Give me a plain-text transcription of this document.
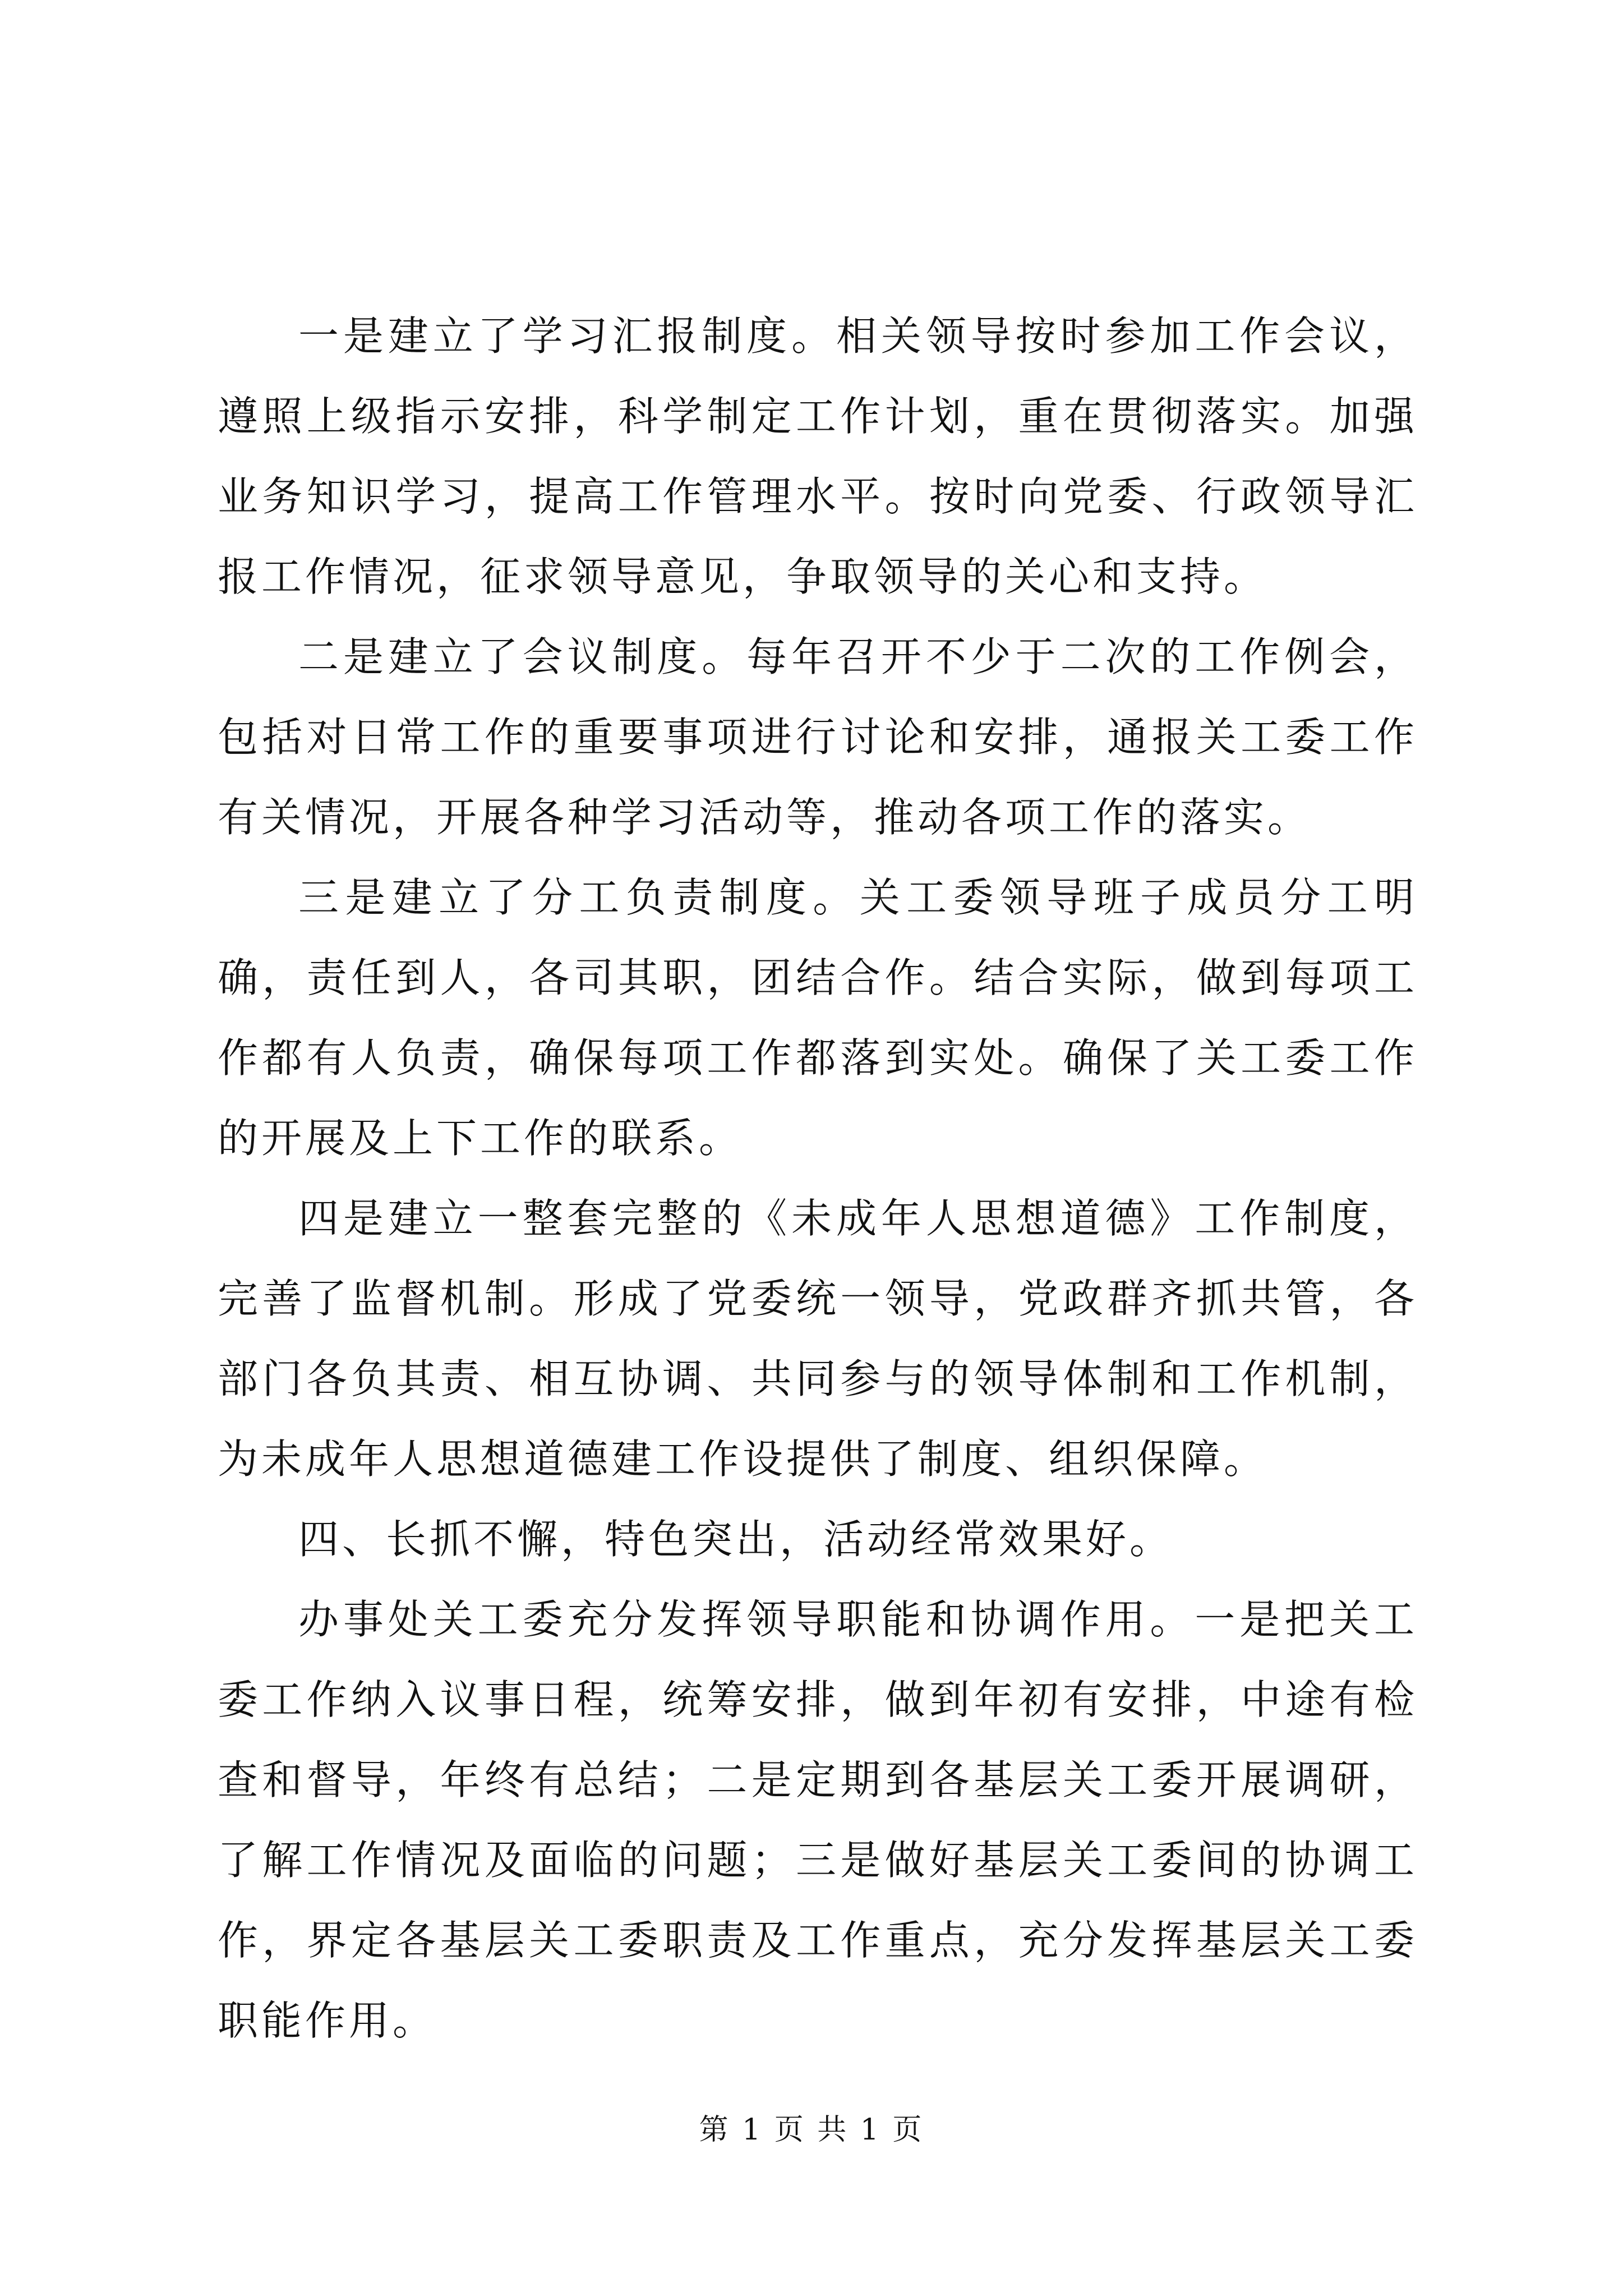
一是建立了学习汇报制度。相关领导按时参加工作会议，遵照上级指示安排，科学制定工作计划，重在贯彻落实。加强业务知识学习，提高工作管理水平。按时向党委、行政领导汇报工作情况，征求领导意见，争取领导的关心和支持。

二是建立了会议制度。每年召开不少于二次的工作例会，包括对日常工作的重要事项进行讨论和安排，通报关工委工作有关情况，开展各种学习活动等，推动各项工作的落实。

三是建立了分工负责制度。关工委领导班子成员分工明确，责任到人，各司其职，团结合作。结合实际，做到每项工作都有人负责，确保每项工作都落到实处。确保了关工委工作的开展及上下工作的联系。

四是建立一整套完整的《未成年人思想道德》工作制度，完善了监督机制。形成了党委统一领导，党政群齐抓共管，各部门各负其责、相互协调、共同参与的领导体制和工作机制，为未成年人思想道德建工作设提供了制度、组织保障。

四、长抓不懈，特色突出，活动经常效果好。

办事处关工委充分发挥领导职能和协调作用。一是把关工委工作纳入议事日程，统筹安排，做到年初有安排，中途有检查和督导，年终有总结；二是定期到各基层关工委开展调研，了解工作情况及面临的问题；三是做好基层关工委间的协调工作，界定各基层关工委职责及工作重点，充分发挥基层关工委职能作用。

第 1 页 共 1 页
